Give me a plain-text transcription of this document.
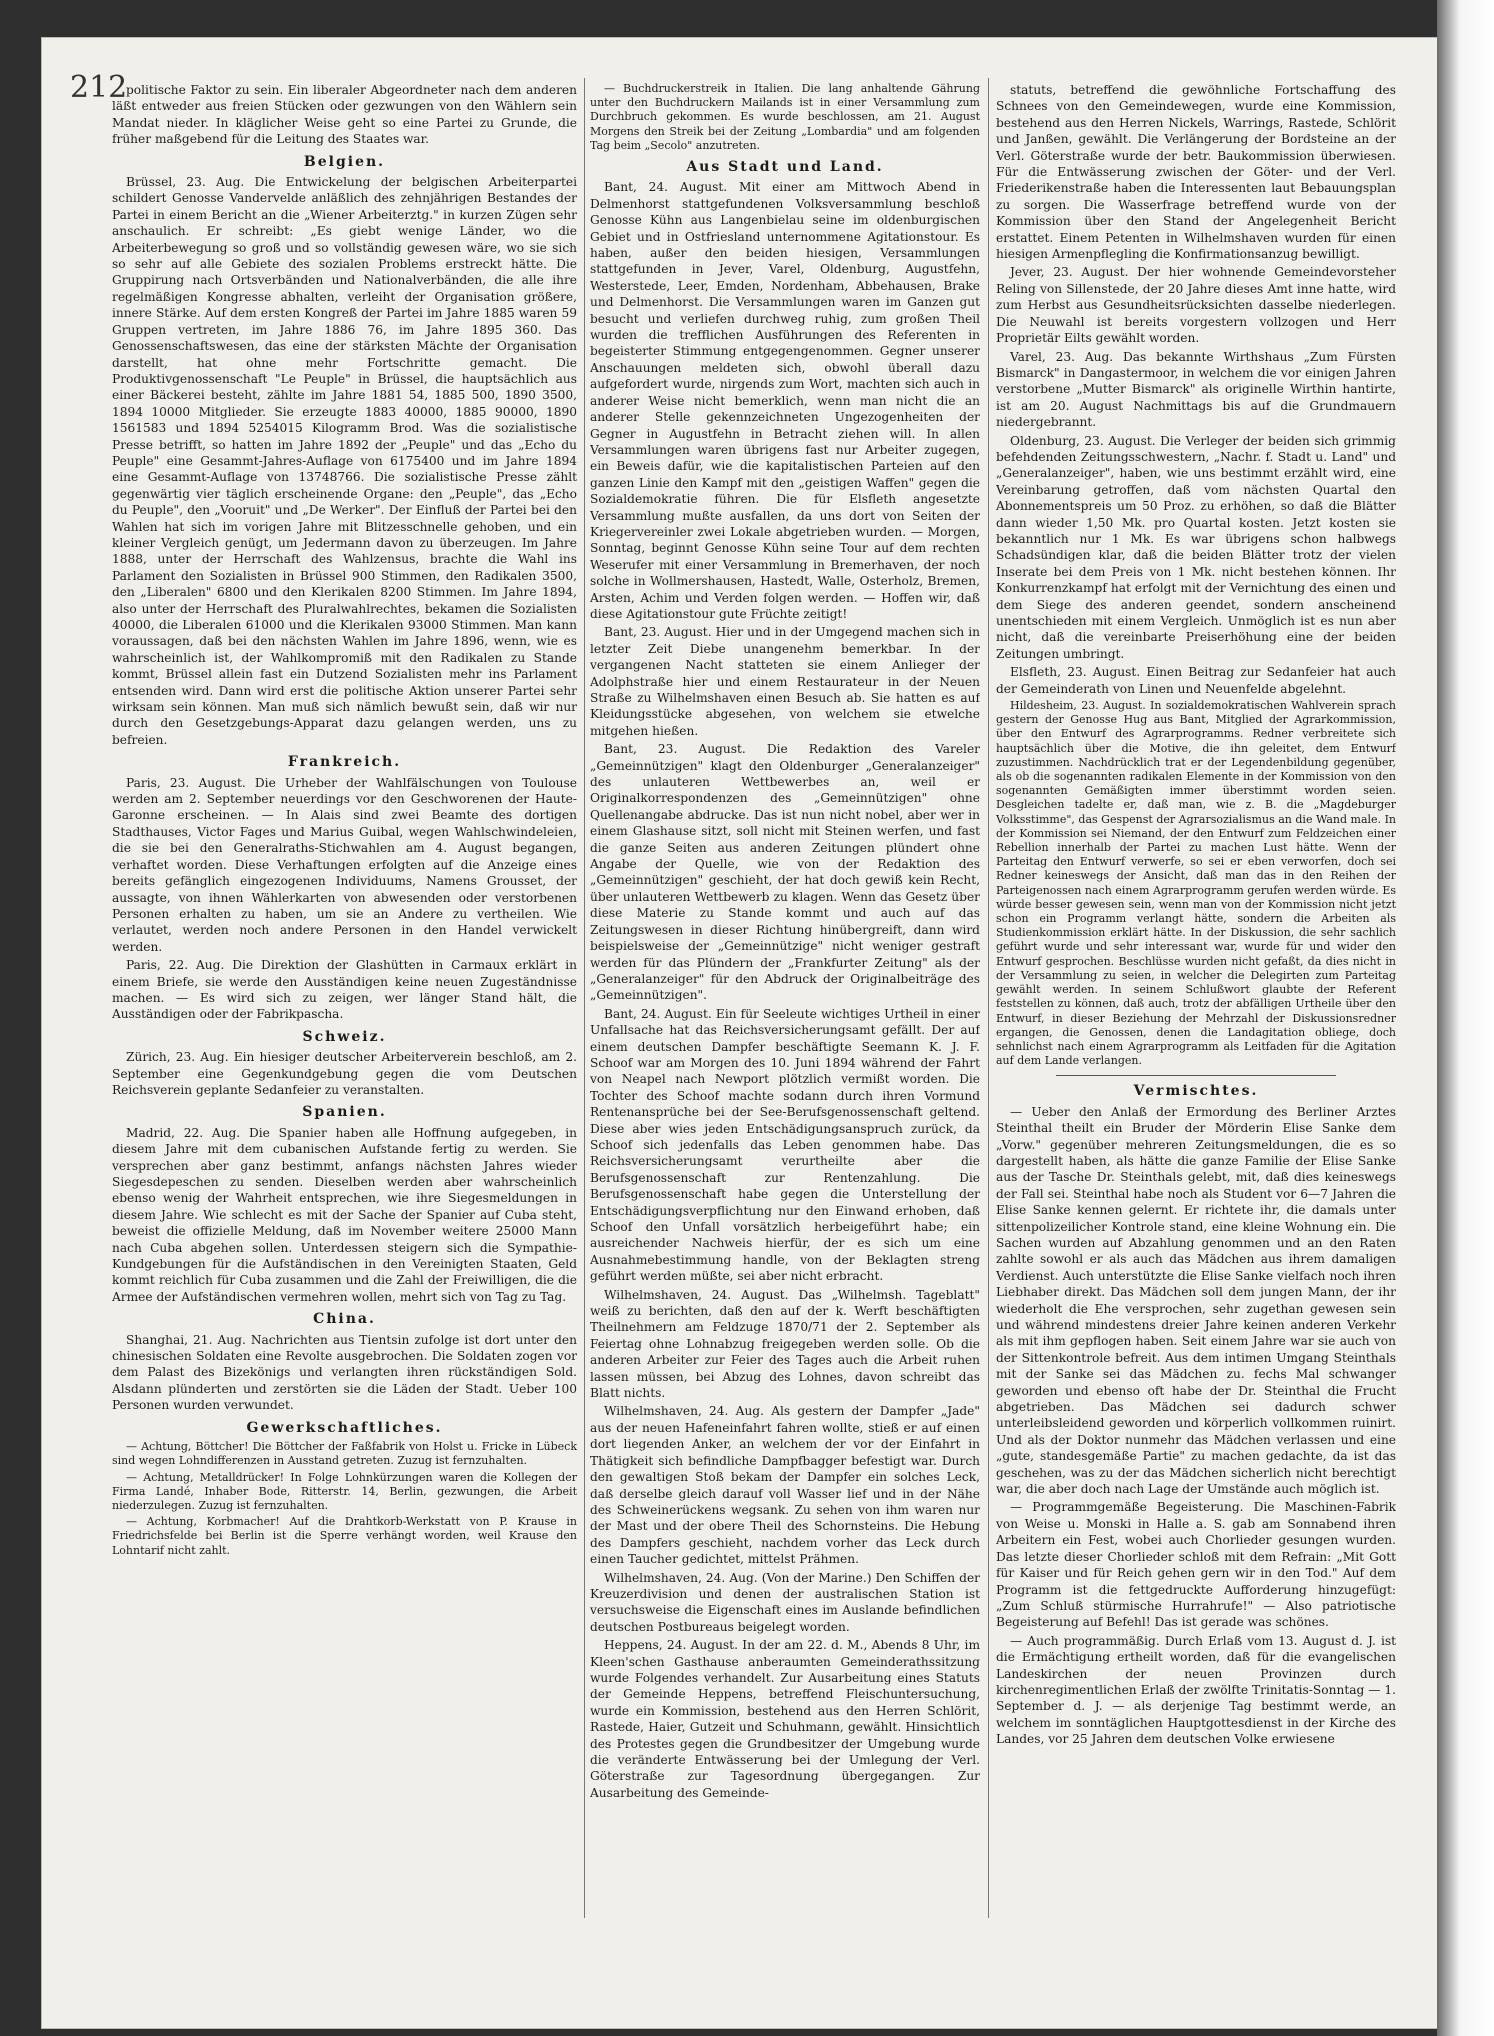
212

politische Faktor zu sein. Ein liberaler Abgeordneter nach dem anderen läßt entweder aus freien Stücken oder gezwungen von den Wählern sein Mandat nieder. In kläglicher Weise geht so eine Partei zu Grunde, die früher maßgebend für die Leitung des Staates war.

Belgien.

Brüssel, 23. Aug. Die Entwickelung der belgischen Arbeiterpartei schildert Genosse Vandervelde anläßlich des zehnjährigen Bestandes der Partei in einem Bericht an die „Wiener Arbeiterztg." in kurzen Zügen sehr anschaulich. Er schreibt: „Es giebt wenige Länder, wo die Arbeiterbewegung so groß und so vollständig gewesen wäre, wo sie sich so sehr auf alle Gebiete des sozialen Problems erstreckt hätte. Die Gruppirung nach Ortsverbänden und Nationalverbänden, die alle ihre regelmäßigen Kongresse abhalten, verleiht der Organisation größere, innere Stärke. Auf dem ersten Kongreß der Partei im Jahre 1885 waren 59 Gruppen vertreten, im Jahre 1886 76, im Jahre 1895 360. Das Genossenschaftswesen, das eine der stärksten Mächte der Organisation darstellt, hat ohne mehr Fortschritte gemacht. Die Produktivgenossenschaft "Le Peuple" in Brüssel, die hauptsächlich aus einer Bäckerei besteht, zählte im Jahre 1881 54, 1885 500, 1890 3500, 1894 10000 Mitglieder. Sie erzeugte 1883 40000, 1885 90000, 1890 1561583 und 1894 5254015 Kilogramm Brod. Was die sozialistische Presse betrifft, so hatten im Jahre 1892 der „Peuple" und das „Echo du Peuple" eine Gesammt-Jahres-Auflage von 6175400 und im Jahre 1894 eine Gesammt-Auflage von 13748766. Die sozialistische Presse zählt gegenwärtig vier täglich erscheinende Organe: den „Peuple", das „Echo du Peuple", den „Vooruit" und „De Werker". Der Einfluß der Partei bei den Wahlen hat sich im vorigen Jahre mit Blitzesschnelle gehoben, und ein kleiner Vergleich genügt, um Jedermann davon zu überzeugen. Im Jahre 1888, unter der Herrschaft des Wahlzensus, brachte die Wahl ins Parlament den Sozialisten in Brüssel 900 Stimmen, den Radikalen 3500, den „Liberalen" 6800 und den Klerikalen 8200 Stimmen. Im Jahre 1894, also unter der Herrschaft des Pluralwahlrechtes, bekamen die Sozialisten 40000, die Liberalen 61000 und die Klerikalen 93000 Stimmen. Man kann voraussagen, daß bei den nächsten Wahlen im Jahre 1896, wenn, wie es wahrscheinlich ist, der Wahlkompromiß mit den Radikalen zu Stande kommt, Brüssel allein fast ein Dutzend Sozialisten mehr ins Parlament entsenden wird. Dann wird erst die politische Aktion unserer Partei sehr wirksam sein können. Man muß sich nämlich bewußt sein, daß wir nur durch den Gesetzgebungs-Apparat dazu gelangen werden, uns zu befreien.

Frankreich.

Paris, 23. August. Die Urheber der Wahlfälschungen von Toulouse werden am 2. September neuerdings vor den Geschworenen der Haute-Garonne erscheinen. — In Alais sind zwei Beamte des dortigen Stadthauses, Victor Fages und Marius Guibal, wegen Wahlschwindeleien, die sie bei den Generalraths-Stichwahlen am 4. August begangen, verhaftet worden. Diese Verhaftungen erfolgten auf die Anzeige eines bereits gefänglich eingezogenen Individuums, Namens Grousset, der aussagte, von ihnen Wählerkarten von abwesenden oder verstorbenen Personen erhalten zu haben, um sie an Andere zu vertheilen. Wie verlautet, werden noch andere Personen in den Handel verwickelt werden.

Paris, 22. Aug. Die Direktion der Glashütten in Carmaux erklärt in einem Briefe, sie werde den Ausständigen keine neuen Zugeständnisse machen. — Es wird sich zu zeigen, wer länger Stand hält, die Ausständigen oder der Fabrikpascha.

Schweiz.

Zürich, 23. Aug. Ein hiesiger deutscher Arbeiterverein beschloß, am 2. September eine Gegenkundgebung gegen die vom Deutschen Reichsverein geplante Sedanfeier zu veranstalten.

Spanien.

Madrid, 22. Aug. Die Spanier haben alle Hoffnung aufgegeben, in diesem Jahre mit dem cubanischen Aufstande fertig zu werden. Sie versprechen aber ganz bestimmt, anfangs nächsten Jahres wieder Siegesdepeschen zu senden. Dieselben werden aber wahrscheinlich ebenso wenig der Wahrheit entsprechen, wie ihre Siegesmeldungen in diesem Jahre. Wie schlecht es mit der Sache der Spanier auf Cuba steht, beweist die offizielle Meldung, daß im November weitere 25000 Mann nach Cuba abgehen sollen. Unterdessen steigern sich die Sympathie-Kundgebungen für die Aufständischen in den Vereinigten Staaten, Geld kommt reichlich für Cuba zusammen und die Zahl der Freiwilligen, die die Armee der Aufständischen vermehren wollen, mehrt sich von Tag zu Tag.

China.

Shanghai, 21. Aug. Nachrichten aus Tientsin zufolge ist dort unter den chinesischen Soldaten eine Revolte ausgebrochen. Die Soldaten zogen vor dem Palast des Bizekönigs und verlangten ihren rückständigen Sold. Alsdann plünderten und zerstörten sie die Läden der Stadt. Ueber 100 Personen wurden verwundet.

Gewerkschaftliches.

— Achtung, Böttcher! Die Böttcher der Faßfabrik von Holst u. Fricke in Lübeck sind wegen Lohndifferenzen in Ausstand getreten. Zuzug ist fernzuhalten.

— Achtung, Metalldrücker! In Folge Lohnkürzungen waren die Kollegen der Firma Landé, Inhaber Bode, Ritterstr. 14, Berlin, gezwungen, die Arbeit niederzulegen. Zuzug ist fernzuhalten.

— Achtung, Korbmacher! Auf die Drahtkorb-Werkstatt von P. Krause in Friedrichsfelde bei Berlin ist die Sperre verhängt worden, weil Krause den Lohntarif nicht zahlt.

— Buchdruckerstreik in Italien. Die lang anhaltende Gährung unter den Buchdruckern Mailands ist in einer Versammlung zum Durchbruch gekommen. Es wurde beschlossen, am 21. August Morgens den Streik bei der Zeitung „Lombardia" und am folgenden Tag beim „Secolo" anzutreten.

Aus Stadt und Land.

Bant, 24. August. Mit einer am Mittwoch Abend in Delmenhorst stattgefundenen Volksversammlung beschloß Genosse Kühn aus Langenbielau seine im oldenburgischen Gebiet und in Ostfriesland unternommene Agitationstour. Es haben, außer den beiden hiesigen, Versammlungen stattgefunden in Jever, Varel, Oldenburg, Augustfehn, Westerstede, Leer, Emden, Nordenham, Abbehausen, Brake und Delmenhorst. Die Versammlungen waren im Ganzen gut besucht und verliefen durchweg ruhig, zum großen Theil wurden die trefflichen Ausführungen des Referenten in begeisterter Stimmung entgegengenommen. Gegner unserer Anschauungen meldeten sich, obwohl überall dazu aufgefordert wurde, nirgends zum Wort, machten sich auch in anderer Weise nicht bemerklich, wenn man nicht die an anderer Stelle gekennzeichneten Ungezogenheiten der Gegner in Augustfehn in Betracht ziehen will. In allen Versammlungen waren übrigens fast nur Arbeiter zugegen, ein Beweis dafür, wie die kapitalistischen Parteien auf den ganzen Linie den Kampf mit den „geistigen Waffen" gegen die Sozialdemokratie führen. Die für Elsfleth angesetzte Versammlung mußte ausfallen, da uns dort von Seiten der Kriegervereinler zwei Lokale abgetrieben wurden. — Morgen, Sonntag, beginnt Genosse Kühn seine Tour auf dem rechten Weserufer mit einer Versammlung in Bremerhaven, der noch solche in Wollmershausen, Hastedt, Walle, Osterholz, Bremen, Arsten, Achim und Verden folgen werden. — Hoffen wir, daß diese Agitationstour gute Früchte zeitigt!

Bant, 23. August. Hier und in der Umgegend machen sich in letzter Zeit Diebe unangenehm bemerkbar. In der vergangenen Nacht statteten sie einem Anlieger der Adolphstraße hier und einem Restaurateur in der Neuen Straße zu Wilhelmshaven einen Besuch ab. Sie hatten es auf Kleidungsstücke abgesehen, von welchem sie etwelche mitgehen hießen.

Bant, 23. August. Die Redaktion des Vareler „Gemeinnützigen" klagt den Oldenburger „Generalanzeiger" des unlauteren Wettbewerbes an, weil er Originalkorrespondenzen des „Gemeinnützigen" ohne Quellenangabe abdrucke. Das ist nun nicht nobel, aber wer in einem Glashause sitzt, soll nicht mit Steinen werfen, und fast die ganze Seiten aus anderen Zeitungen plündert ohne Angabe der Quelle, wie von der Redaktion des „Gemeinnützigen" geschieht, der hat doch gewiß kein Recht, über unlauteren Wettbewerb zu klagen. Wenn das Gesetz über diese Materie zu Stande kommt und auch auf das Zeitungswesen in dieser Richtung hinübergreift, dann wird beispielsweise der „Gemeinnützige" nicht weniger gestraft werden für das Plündern der „Frankfurter Zeitung" als der „Generalanzeiger" für den Abdruck der Originalbeiträge des „Gemeinnützigen".

Bant, 24. August. Ein für Seeleute wichtiges Urtheil in einer Unfallsache hat das Reichsversicherungsamt gefällt. Der auf einem deutschen Dampfer beschäftigte Seemann K. J. F. Schoof war am Morgen des 10. Juni 1894 während der Fahrt von Neapel nach Newport plötzlich vermißt worden. Die Tochter des Schoof machte sodann durch ihren Vormund Rentenansprüche bei der See-Berufsgenossenschaft geltend. Diese aber wies jeden Entschädigungsanspruch zurück, da Schoof sich jedenfalls das Leben genommen habe. Das Reichsversicherungsamt verurtheilte aber die Berufsgenossenschaft zur Rentenzahlung. Die Berufsgenossenschaft habe gegen die Unterstellung der Entschädigungsverpflichtung nur den Einwand erhoben, daß Schoof den Unfall vorsätzlich herbeigeführt habe; ein ausreichender Nachweis hierfür, der es sich um eine Ausnahmebestimmung handle, von der Beklagten streng geführt werden müßte, sei aber nicht erbracht.

Wilhelmshaven, 24. August. Das „Wilhelmsh. Tageblatt" weiß zu berichten, daß den auf der k. Werft beschäftigten Theilnehmern am Feldzuge 1870/71 der 2. September als Feiertag ohne Lohnabzug freigegeben werden solle. Ob die anderen Arbeiter zur Feier des Tages auch die Arbeit ruhen lassen müssen, bei Abzug des Lohnes, davon schreibt das Blatt nichts.

Wilhelmshaven, 24. Aug. Als gestern der Dampfer „Jade" aus der neuen Hafeneinfahrt fahren wollte, stieß er auf einen dort liegenden Anker, an welchem der vor der Einfahrt in Thätigkeit sich befindliche Dampfbagger befestigt war. Durch den gewaltigen Stoß bekam der Dampfer ein solches Leck, daß derselbe gleich darauf voll Wasser lief und in der Nähe des Schweinerückens wegsank. Zu sehen von ihm waren nur der Mast und der obere Theil des Schornsteins. Die Hebung des Dampfers geschieht, nachdem vorher das Leck durch einen Taucher gedichtet, mittelst Prähmen.

Wilhelmshaven, 24. Aug. (Von der Marine.) Den Schiffen der Kreuzerdivision und denen der australischen Station ist versuchsweise die Eigenschaft eines im Auslande befindlichen deutschen Postbureaus beigelegt worden.

Heppens, 24. August. In der am 22. d. M., Abends 8 Uhr, im Kleen'schen Gasthause anberaumten Gemeinderathssitzung wurde Folgendes verhandelt. Zur Ausarbeitung eines Statuts der Gemeinde Heppens, betreffend Fleischuntersuchung, wurde ein Kommission, bestehend aus den Herren Schlörit, Rastede, Haier, Gutzeit und Schuhmann, gewählt. Hinsichtlich des Protestes gegen die Grundbesitzer der Umgebung wurde die veränderte Entwässerung bei der Umlegung der Verl. Göterstraße zur Tagesordnung übergegangen. Zur Ausarbeitung des Gemeinde-

statuts, betreffend die gewöhnliche Fortschaffung des Schnees von den Gemeindewegen, wurde eine Kommission, bestehend aus den Herren Nickels, Warrings, Rastede, Schlörit und Janßen, gewählt. Die Verlängerung der Bordsteine an der Verl. Göterstraße wurde der betr. Baukommission überwiesen. Für die Entwässerung zwischen der Göter- und der Verl. Friederikenstraße haben die Interessenten laut Bebauungsplan zu sorgen. Die Wasserfrage betreffend wurde von der Kommission über den Stand der Angelegenheit Bericht erstattet. Einem Petenten in Wilhelmshaven wurden für einen hiesigen Armenpflegling die Konfirmationsanzug bewilligt.

Jever, 23. August. Der hier wohnende Gemeindevorsteher Reling von Sillenstede, der 20 Jahre dieses Amt inne hatte, wird zum Herbst aus Gesundheitsrücksichten dasselbe niederlegen. Die Neuwahl ist bereits vorgestern vollzogen und Herr Proprietär Eilts gewählt worden.

Varel, 23. Aug. Das bekannte Wirthshaus „Zum Fürsten Bismarck" in Dangastermoor, in welchem die vor einigen Jahren verstorbene „Mutter Bismarck" als originelle Wirthin hantirte, ist am 20. August Nachmittags bis auf die Grundmauern niedergebrannt.

Oldenburg, 23. August. Die Verleger der beiden sich grimmig befehdenden Zeitungsschwestern, „Nachr. f. Stadt u. Land" und „Generalanzeiger", haben, wie uns bestimmt erzählt wird, eine Vereinbarung getroffen, daß vom nächsten Quartal den Abonnementspreis um 50 Proz. zu erhöhen, so daß die Blätter dann wieder 1,50 Mk. pro Quartal kosten. Jetzt kosten sie bekanntlich nur 1 Mk. Es war übrigens schon halbwegs Schadsündigen klar, daß die beiden Blätter trotz der vielen Inserate bei dem Preis von 1 Mk. nicht bestehen können. Ihr Konkurrenzkampf hat erfolgt mit der Vernichtung des einen und dem Siege des anderen geendet, sondern anscheinend unentschieden mit einem Vergleich. Unmöglich ist es nun aber nicht, daß die vereinbarte Preiserhöhung eine der beiden Zeitungen umbringt.

Elsfleth, 23. August. Einen Beitrag zur Sedanfeier hat auch der Gemeinderath von Linen und Neuenfelde abgelehnt.

Hildesheim, 23. August. In sozialdemokratischen Wahlverein sprach gestern der Genosse Hug aus Bant, Mitglied der Agrarkommission, über den Entwurf des Agrarprogramms. Redner verbreitete sich hauptsächlich über die Motive, die ihn geleitet, dem Entwurf zuzustimmen. Nachdrücklich trat er der Legendenbildung gegenüber, als ob die sogenannten radikalen Elemente in der Kommission von den sogenannten Gemäßigten immer überstimmt worden seien. Desgleichen tadelte er, daß man, wie z. B. die „Magdeburger Volksstimme", das Gespenst der Agrarsozialismus an die Wand male. In der Kommission sei Niemand, der den Entwurf zum Feldzeichen einer Rebellion innerhalb der Partei zu machen Lust hätte. Wenn der Parteitag den Entwurf verwerfe, so sei er eben verworfen, doch sei Redner keineswegs der Ansicht, daß man das in den Reihen der Parteigenossen nach einem Agrarprogramm gerufen werden würde. Es würde besser gewesen sein, wenn man von der Kommission nicht jetzt schon ein Programm verlangt hätte, sondern die Arbeiten als Studienkommission erklärt hätte. In der Diskussion, die sehr sachlich geführt wurde und sehr interessant war, wurde für und wider den Entwurf gesprochen. Beschlüsse wurden nicht gefaßt, da dies nicht in der Versammlung zu seien, in welcher die Delegirten zum Parteitag gewählt werden. In seinem Schlußwort glaubte der Referent feststellen zu können, daß auch, trotz der abfälligen Urtheile über den Entwurf, in dieser Beziehung der Mehrzahl der Diskussionsredner ergangen, die Genossen, denen die Landagitation obliege, doch sehnlichst nach einem Agrarprogramm als Leitfaden für die Agitation auf dem Lande verlangen.

Vermischtes.

— Ueber den Anlaß der Ermordung des Berliner Arztes Steinthal theilt ein Bruder der Mörderin Elise Sanke dem „Vorw." gegenüber mehreren Zeitungsmeldungen, die es so dargestellt haben, als hätte die ganze Familie der Elise Sanke aus der Tasche Dr. Steinthals gelebt, mit, daß dies keineswegs der Fall sei. Steinthal habe noch als Student vor 6—7 Jahren die Elise Sanke kennen gelernt. Er richtete ihr, die damals unter sittenpolizeilicher Kontrole stand, eine kleine Wohnung ein. Die Sachen wurden auf Abzahlung genommen und an den Raten zahlte sowohl er als auch das Mädchen aus ihrem damaligen Verdienst. Auch unterstützte die Elise Sanke vielfach noch ihren Liebhaber direkt. Das Mädchen soll dem jungen Mann, der ihr wiederholt die Ehe versprochen, sehr zugethan gewesen sein und während mindestens dreier Jahre keinen anderen Verkehr als mit ihm gepflogen haben. Seit einem Jahre war sie auch von der Sittenkontrole befreit. Aus dem intimen Umgang Steinthals mit der Sanke sei das Mädchen zu. fechs Mal schwanger geworden und ebenso oft habe der Dr. Steinthal die Frucht abgetrieben. Das Mädchen sei dadurch schwer unterleibsleidend geworden und körperlich vollkommen ruinirt. Und als der Doktor nunmehr das Mädchen verlassen und eine „gute, standesgemäße Partie" zu machen gedachte, da ist das geschehen, was zu der das Mädchen sicherlich nicht berechtigt war, die aber doch nach Lage der Umstände auch möglich ist.

— Programmgemäße Begeisterung. Die Maschinen-Fabrik von Weise u. Monski in Halle a. S. gab am Sonnabend ihren Arbeitern ein Fest, wobei auch Chorlieder gesungen wurden. Das letzte dieser Chorlieder schloß mit dem Refrain: „Mit Gott für Kaiser und für Reich gehen gern wir in den Tod." Auf dem Programm ist die fettgedruckte Aufforderung hinzugefügt: „Zum Schluß stürmische Hurrahrufe!" — Also patriotische Begeisterung auf Befehl! Das ist gerade was schönes.

— Auch programmäßig. Durch Erlaß vom 13. August d. J. ist die Ermächtigung ertheilt worden, daß für die evangelischen Landeskirchen der neuen Provinzen durch kirchenregimentlichen Erlaß der zwölfte Trinitatis-Sonntag — 1. September d. J. — als derjenige Tag bestimmt werde, an welchem im sonntäglichen Hauptgottesdienst in der Kirche des Landes, vor 25 Jahren dem deutschen Volke erwiesene
